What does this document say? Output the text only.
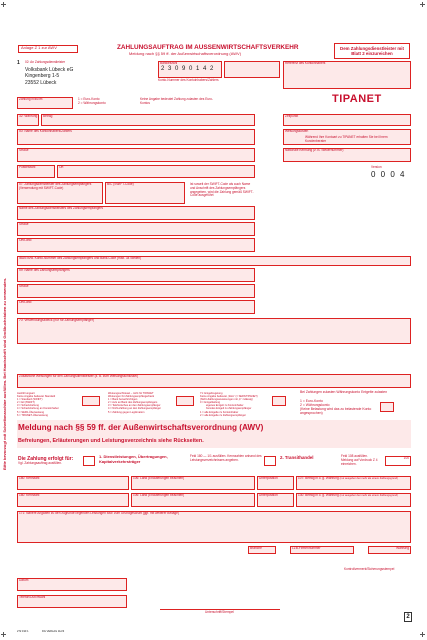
Bitte bevorzugt mit Schreibmaschine ausfüllen. Bei Handschrift sind Großbuchstaben zu verwenden.
Anlage Z 1 zur AWV	ZAHLUNGSAUFTRAG IM AUSSENWIRTSCHAFTSVERKEHR
Meldung nach §§ 59 ff. der Außenwirtschaftsverordnung (AWV)
Dem Zahlungsdienstleister mit Blatt 2 einzureichen
1 02: An Zahlungsdienstleister
Volksbank Lübeck eG
Kingenberg 1-5
23552 Lübeck
Bankleitzahl
2 3 0 9 0 1 4 2
Konto-Nummer des Kontoinhabers/Zahlers
Referenz des Kontoinhabers
Zahlung in/zu/im	1 = Euro-Konto
2 = Währungskonto
Keine Angabe bedeutet Zahlung zulasten des Euro-Kontos
32: Währung	Betrag
50: Name des Kontoinhabers/Zahlers
Straße
Postleitzahl	Ort
TIPANET
Zeitpunkt
Weisungskosten
Während Ihre Kontoart zu TIPANET erhalten Sie bei Ihrem Kundenberater
Nationale Kennung (z. B. Steuernummer)
Version
0 0 0 4
57: Zahlungsdienstleister des Zahlungsempfängers (Verwendung mit SWIFT-Code)
BIC (SWIFT-Code)	Ist soweit der SWIFT-Code als auch Name und Anschrift des Zahlungsempfängers angegeben, wird die Zahlung gemäß SWIFT-Code ausgeführt
Name des Zahlungsdienstleisters des Zahlungsempfängers
Straße
Ort/Land
IBAN bzw. Konto-Nummer des Zahlungsempfängers und Bank-Code (max. 34 Stellen)
59: Name des Zahlungsempfängers
Straße
Ort/Land
70: Verwendungszweck (nur für Zahlungsempfänger)
Zusätzliche Weisungen für den Zahlungsdienstleister (z. B. zum Weisungsschlüssel)
Ausführungsart
Keine Angabe bedeutet Standard
1 = Standard (SWIFT)
2 = Eil (SWIFT)
3 = Scheckziehung
4 = Scheckziehung an Kontoinhaber
5 = SEPA-Überweisung
6 = TIPANET-Überweisung
Weisungsschlüssel – nicht für TIPANET
Weisungen für Zahlungsempfängerbank
1 = Bank benachrichtigen
2 = Avis an Bank des Zahlungsempfängers
3 = Telefonisches an den Zahlungsempfänger
4 = Nicht-Zahlung an den Zahlungsempfänger
5 = Zahlung gegen Legitimation
71: Entgeltregelung
Keine Angabe bedeutet „SHA“ (= SEPA/TIPANET)
(Nicht-Zahlungsanweisungen mit „F“ zulässig)
0 = Entgeltteilung
eigenes Entgelt zu Kontoinhaber
fremdes Entgelt zu Zahlungsempfänger
1 = alle Entgelte zu Kontoinhaber
2 = alle Entgelte zu Zahlungsempfänger
Bei Zahlungen zulasten Währungskonto Entgelte zulasten
1 = Euro-Konto
2 = Währungskonto
(Keine Belastung wird das zu belastende Konto angesprochen)
Meldung nach §§ 59 ff. der Außenwirtschaftsverordnung (AWV)
Befreiungen, Erläuterungen und Leistungsverzeichnis siehe Rückseiten.
Die Zahlung erfolgt für:
Vgl. Zahlungsauftrag ausfüllen.
1. Dienstleistungen, Übertragungen, Kapitalverkehrsträger
Feld 180 — 1/1 ausfüllen. Kennzahlen anhand des Leistungsverzeichnisses angeben.	2. Transithandel	Feld 108 ausfüllen. Meldung auf Vordruck Z 4 einreichen.
100
180: Kennzahl	106: Land (Erläuterungen beachten)	Unterposition	107: Betrag in o. g. Währung (nur ausgeben bei mehr als einem Zahlungsgrund)
180: Kennzahl	106: Land (Erläuterungen beachten)	Unterposition	130: Betrag in o. g. Währung (nur ausgeben bei mehr als einem Zahlungsgrund)
171: Nähere Angaben zu den zugrunde liegenden Leistungen bzw. zum Grundgeschäft (ggf. mit weiterer Beilage)
Branche	LZB-Firmennummer	Währung
Kontrollvermerk/Sicherungsstempel
Datum
Telefon/Durchwahl
Unterschrift/Stempel
2
272 190 1	DG VERLAG 11/23
